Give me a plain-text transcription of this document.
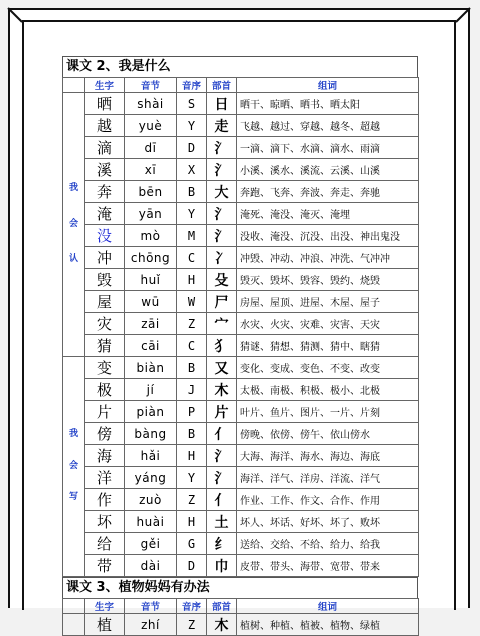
课文 2、我是什么
	生字	音节	音序	部首	组词

我
会
认	晒	shài	S	日	晒干、晾晒、晒书、晒太阳
	越	yuè	Y	走	飞越、越过、穿越、越冬、超越
	滴	dī	D	氵	一滴、滴下、水滴、滴水、雨滴
	溪	xī	X	氵	小溪、溪水、溪流、云溪、山溪
	奔	bēn	B	大	奔跑、飞奔、奔波、奔走、奔驰
	淹	yān	Y	氵	淹死、淹没、淹灭、淹埋
	没	mò	M	氵	没收、淹没、沉没、出没、神出鬼没
	冲	chōng	C	冫	冲毁、冲动、冲浪、冲洗、气冲冲
	毁	huǐ	H	殳	毁灭、毁坏、毁容、毁约、烧毁
	屋	wū	W	尸	房屋、屋顶、进屋、木屋、屋子
	灾	zāi	Z	宀	水灾、火灾、灾难、灾害、天灾
	猜	cāi	C	犭	猜谜、猜想、猜测、猜中、瞎猜

我
会
写	变	biàn	B	又	变化、变成、变色、不变、改变
	极	jí	J	木	太极、南极、积极、极小、北极
	片	piàn	P	片	叶片、鱼片、图片、一片、片刻
	傍	bàng	B	亻	傍晚、依傍、傍午、依山傍水
	海	hǎi	H	氵	大海、海洋、海水、海边、海底
	洋	yáng	Y	氵	海洋、洋气、洋房、洋流、洋气
	作	zuò	Z	亻	作业、工作、作文、合作、作用
	坏	huài	H	土	坏人、坏话、好坏、坏了、败坏
	给	gěi	G	纟	送给、交给、不给、给力、给我
	带	dài	D	巾	皮带、带头、海带、宽带、带来
课文 3、植物妈妈有办法
	生字	音节	音序	部首	组词
	植	zhí	Z	木	植树、种植、植被、植物、绿植
